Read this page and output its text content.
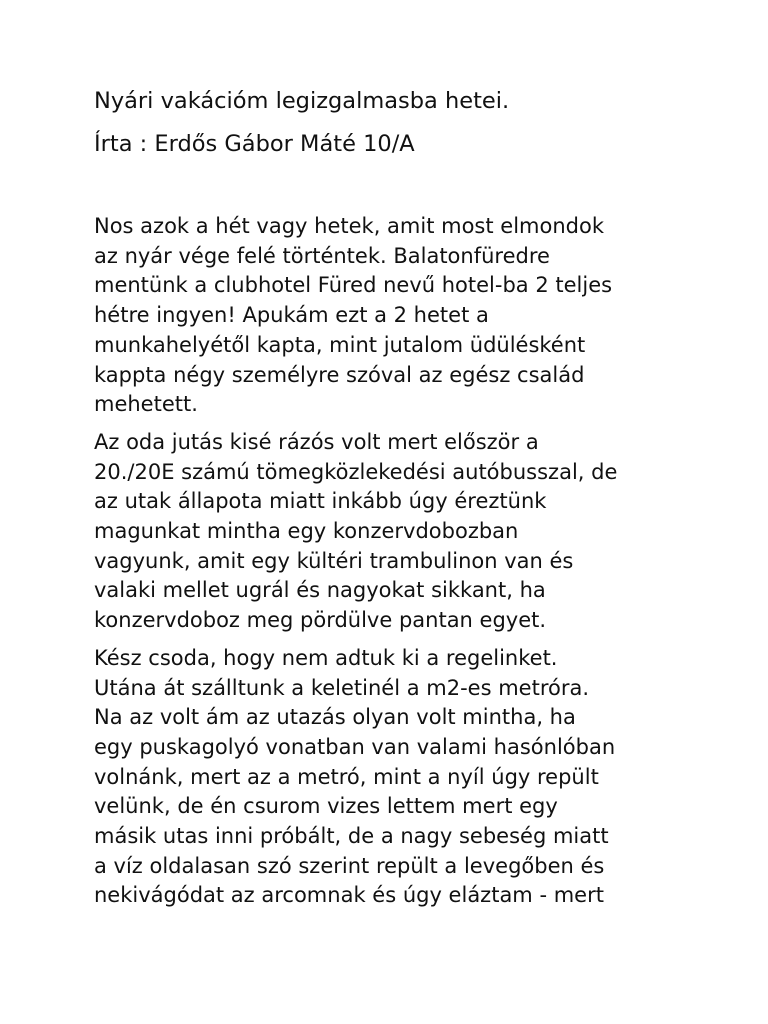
Nyári vakációm legizgalmasba hetei.
Írta : Erdős Gábor Máté 10/A

Nos azok a hét vagy hetek, amit most elmondok
az nyár vége felé történtek. Balatonfüredre
mentünk a clubhotel Füred nevű hotel-ba 2 teljes
hétre ingyen! Apukám ezt a 2 hetet a
munkahelyétől kapta, mint jutalom üdülésként
kappta négy személyre szóval az egész család
mehetett.

Az oda jutás kisé rázós volt mert először a
20./20E számú tömegközlekedési autóbusszal, de
az utak állapota miatt inkább úgy éreztünk
magunkat mintha egy konzervdobozban
vagyunk, amit egy kültéri trambulinon van és
valaki mellet ugrál és nagyokat sikkant, ha
konzervdoboz meg pördülve pantan egyet.

Kész csoda, hogy nem adtuk ki a regelinket.
Utána át szálltunk a keletinél a m2-es metróra.
Na az volt ám az utazás olyan volt mintha, ha
egy puskagolyó vonatban van valami hasónlóban
volnánk, mert az a metró, mint a nyíl úgy repült
velünk, de én csurom vizes lettem mert egy
másik utas inni próbált, de a nagy sebeség miatt
a víz oldalasan szó szerint repült a levegőben és
nekivágódat az arcomnak és úgy eláztam - mert
